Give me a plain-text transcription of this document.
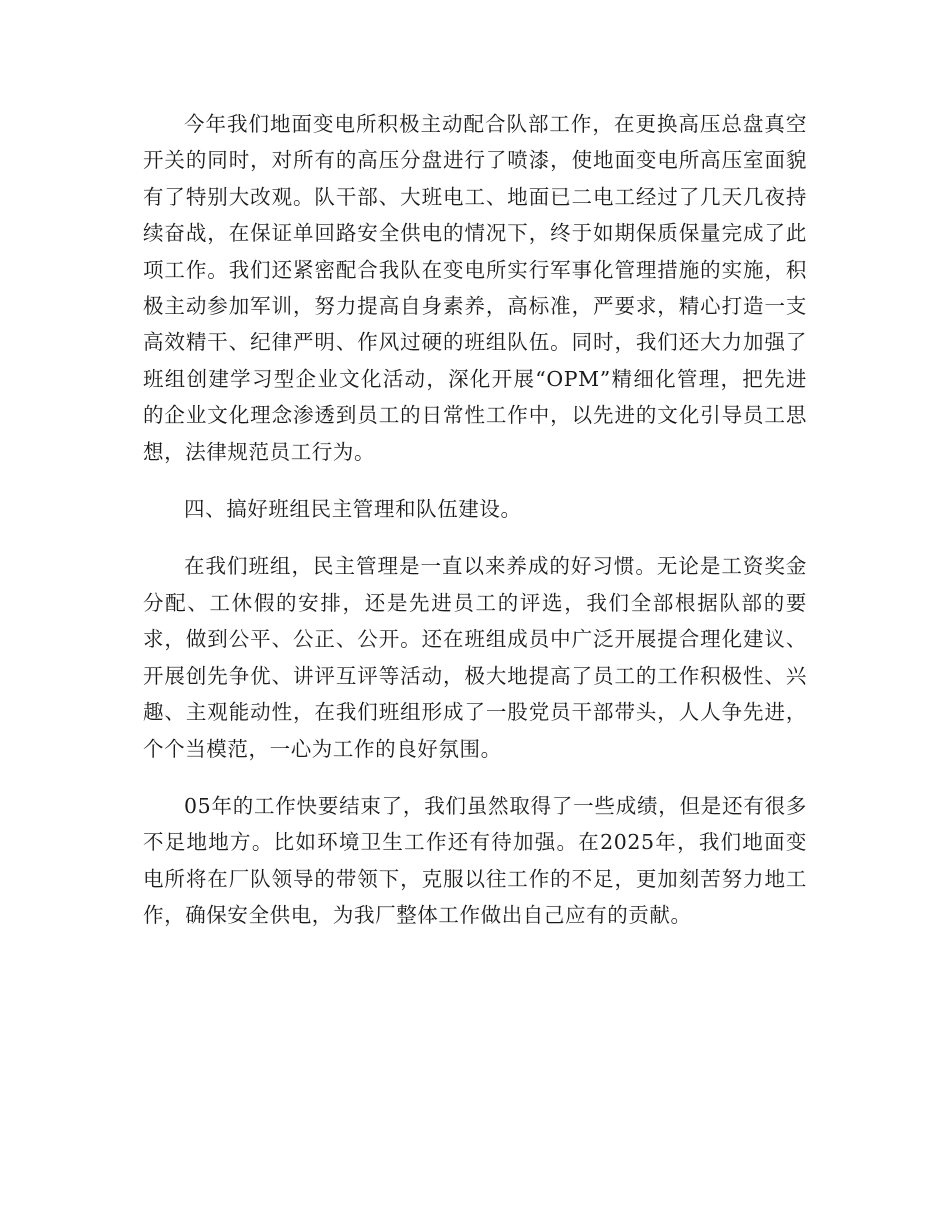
今年我们地面变电所积极主动配合队部工作，在更换高压总盘真空开关的同时，对所有的高压分盘进行了喷漆，使地面变电所高压室面貌有了特别大改观。队干部、大班电工、地面已二电工经过了几天几夜持续奋战，在保证单回路安全供电的情况下，终于如期保质保量完成了此项工作。我们还紧密配合我队在变电所实行军事化管理措施的实施，积极主动参加军训，努力提高自身素养，高标准，严要求，精心打造一支高效精干、纪律严明、作风过硬的班组队伍。同时，我们还大力加强了班组创建学习型企业文化活动，深化开展“OPM”精细化管理，把先进的企业文化理念渗透到员工的日常性工作中，以先进的文化引导员工思想，法律规范员工行为。

四、搞好班组民主管理和队伍建设。

在我们班组，民主管理是一直以来养成的好习惯。无论是工资奖金分配、工休假的安排，还是先进员工的评选，我们全部根据队部的要求，做到公平、公正、公开。还在班组成员中广泛开展提合理化建议、开展创先争优、讲评互评等活动，极大地提高了员工的工作积极性、兴趣、主观能动性，在我们班组形成了一股党员干部带头，人人争先进，个个当模范，一心为工作的良好氛围。

05年的工作快要结束了，我们虽然取得了一些成绩，但是还有很多不足地地方。比如环境卫生工作还有待加强。在2025年，我们地面变电所将在厂队领导的带领下，克服以往工作的不足，更加刻苦努力地工作，确保安全供电，为我厂整体工作做出自己应有的贡献。
